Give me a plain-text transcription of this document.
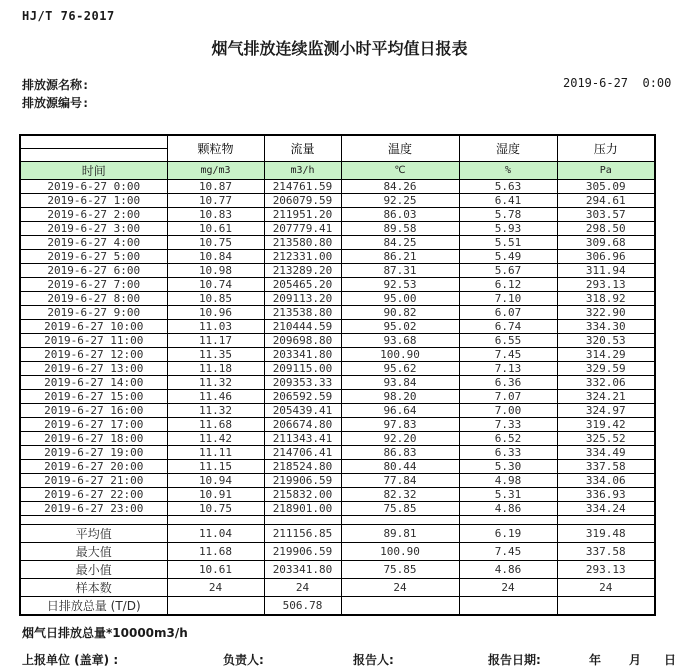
HJ/T 76-2017
烟气排放连续监测小时平均值日报表
排放源名称:
排放源编号:
2019-6-27  0:00
	颗粒物	流量	温度	湿度	压力

时间	mg/m3	m3/h	℃	%	Pa
2019-6-27 0:00	10.87	214761.59	84.26	5.63	305.09
2019-6-27 1:00	10.77	206079.59	92.25	6.41	294.61
2019-6-27 2:00	10.83	211951.20	86.03	5.78	303.57
2019-6-27 3:00	10.61	207779.41	89.58	5.93	298.50
2019-6-27 4:00	10.75	213580.80	84.25	5.51	309.68
2019-6-27 5:00	10.84	212331.00	86.21	5.49	306.96
2019-6-27 6:00	10.98	213289.20	87.31	5.67	311.94
2019-6-27 7:00	10.74	205465.20	92.53	6.12	293.13
2019-6-27 8:00	10.85	209113.20	95.00	7.10	318.92
2019-6-27 9:00	10.96	213538.80	90.82	6.07	322.90
2019-6-27 10:00	11.03	210444.59	95.02	6.74	334.30
2019-6-27 11:00	11.17	209698.80	93.68	6.55	320.53
2019-6-27 12:00	11.35	203341.80	100.90	7.45	314.29
2019-6-27 13:00	11.18	209115.00	95.62	7.13	329.59
2019-6-27 14:00	11.32	209353.33	93.84	6.36	332.06
2019-6-27 15:00	11.46	206592.59	98.20	7.07	324.21
2019-6-27 16:00	11.32	205439.41	96.64	7.00	324.97
2019-6-27 17:00	11.68	206674.80	97.83	7.33	319.42
2019-6-27 18:00	11.42	211343.41	92.20	6.52	325.52
2019-6-27 19:00	11.11	214706.41	86.83	6.33	334.49
2019-6-27 20:00	11.15	218524.80	80.44	5.30	337.58
2019-6-27 21:00	10.94	219906.59	77.84	4.98	334.06
2019-6-27 22:00	10.91	215832.00	82.32	5.31	336.93
2019-6-27 23:00	10.75	218901.00	75.85	4.86	334.24

平均值	11.04	211156.85	89.81	6.19	319.48
最大值	11.68	219906.59	100.90	7.45	337.58
最小值	10.61	203341.80	75.85	4.86	293.13
样本数	24	24	24	24	24
日排放总量 (T/D)		506.78			
烟气日排放总量*10000m3/h
上报单位 (盖章) :	负责人:	报告人:	报告日期:	年 月 日
